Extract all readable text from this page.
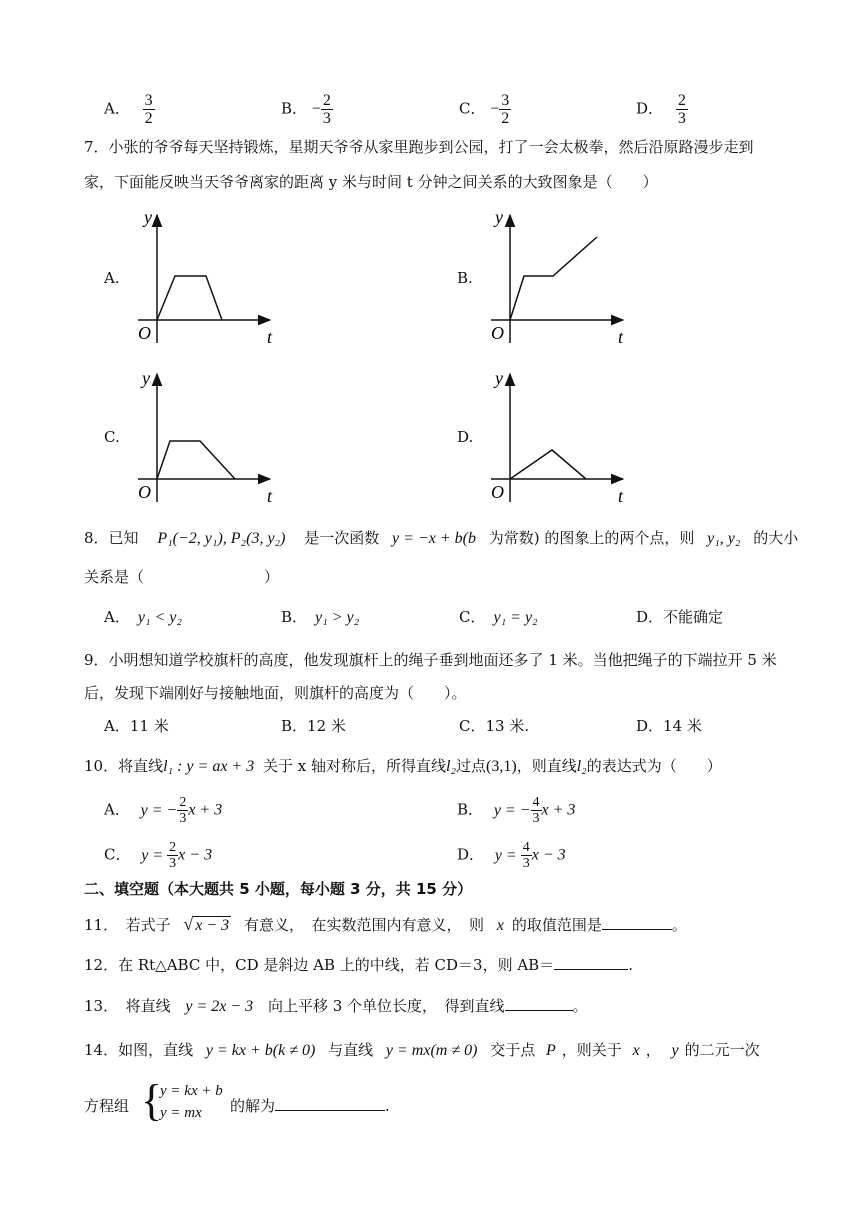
A． $\frac{3}{2}$	B． − $\frac{2}{3}$	C． − $\frac{3}{2}$	D． $\frac{2}{3}$
7．小张的爷爷每天坚持锻炼，星期天爷爷从家里跑步到公园，打了一会太极拳，然后沿原路漫步走到
家，下面能反映当天爷爷离家的距离 y 米与时间 t 分钟之间关系的大致图象是（　　）
A.
y
O	t
B.
y
O	t
C.
y
O	t
D.
y
O	t
8．已知 P₁(−2, y₁), P₂(3, y₂) 是一次函数 y = −x + b(b 为常数) 的图象上的两个点，则 y₁, y₂ 的大小
关系是（　　　　　　　　）
A． y₁ < y₂	B． y₁ > y₂	C． y₁ = y₂	D．不能确定
9．小明想知道学校旗杆的高度，他发现旗杆上的绳子垂到地面还多了 1 米。当他把绳子的下端拉开 5 米
后，发现下端刚好与接触地面，则旗杆的高度为（　　）。
A．11 米	B．12 米	C．13 米.	D．14 米
10．将直线l₁ : y = ax + 3 关于 x 轴对称后，所得直线l₂过点(3,1)，则直线l₂的表达式为（　　）
A． y = − $\frac{2}{3}$ x + 3	B． y = − $\frac{4}{3}$ x + 3
C． $y = \frac{2}{3}$ x − 3	D． $y = \frac{4}{3}$ x − 3
二、填空题（本大题共 5 小题，每小题 3 分，共 15 分）
11．　若式子 √ x − 3 有意义，　在实数范围内有意义，　则 x 的取值范围是	。
12．在 Rt△ABC 中，CD 是斜边 AB 上的中线，若 CD＝3，则 AB＝	.
13．　将直线 y = 2x − 3 向上平移 3 个单位长度，　得到直线	。
14．如图，直线 y = kx + b(k ≠ 0) 与直线 y = mx(m ≠ 0) 交于点 P ，则关于 x ， y 的二元一次
方程组 {
y = kx + b
y = mx	的解为	.
